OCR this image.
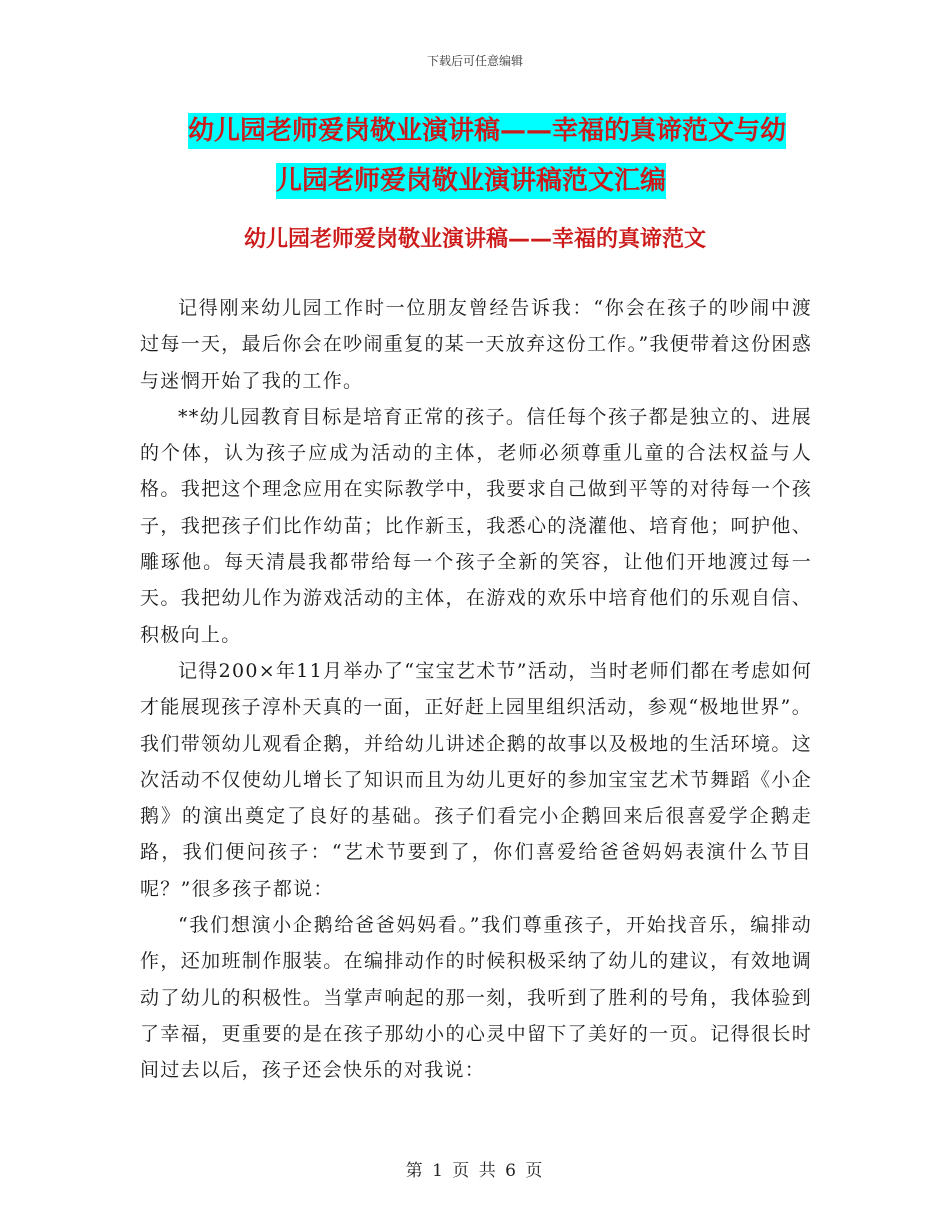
下载后可任意编辑
幼儿园老师爱岗敬业演讲稿——幸福的真谛范文与幼
儿园老师爱岗敬业演讲稿范文汇编
幼儿园老师爱岗敬业演讲稿——幸福的真谛范文

记得刚来幼儿园工作时一位朋友曾经告诉我：“你会在孩子的吵闹中渡过每一天，最后你会在吵闹重复的某一天放弃这份工作。”我便带着这份困惑与迷惘开始了我的工作。

**幼儿园教育目标是培育正常的孩子。信任每个孩子都是独立的、进展的个体，认为孩子应成为活动的主体，老师必须尊重儿童的合法权益与人格。我把这个理念应用在实际教学中，我要求自己做到平等的对待每一个孩子，我把孩子们比作幼苗；比作新玉，我悉心的浇灌他、培育他；呵护他、雕琢他。每天清晨我都带给每一个孩子全新的笑容，让他们开地渡过每一天。我把幼儿作为游戏活动的主体，在游戏的欢乐中培育他们的乐观自信、积极向上。

记得200×年11月举办了“宝宝艺术节”活动，当时老师们都在考虑如何才能展现孩子淳朴天真的一面，正好赶上园里组织活动，参观“极地世界”。我们带领幼儿观看企鹅，并给幼儿讲述企鹅的故事以及极地的生活环境。这次活动不仅使幼儿增长了知识而且为幼儿更好的参加宝宝艺术节舞蹈《小企鹅》的演出奠定了良好的基础。孩子们看完小企鹅回来后很喜爱学企鹅走路，我们便问孩子：“艺术节要到了，你们喜爱给爸爸妈妈表演什么节目呢？”很多孩子都说：

“我们想演小企鹅给爸爸妈妈看。”我们尊重孩子，开始找音乐，编排动作，还加班制作服装。在编排动作的时候积极采纳了幼儿的建议，有效地调动了幼儿的积极性。当掌声响起的那一刻，我听到了胜利的号角，我体验到了幸福，更重要的是在孩子那幼小的心灵中留下了美好的一页。记得很长时间过去以后，孩子还会快乐的对我说：

第 1 页 共 6 页
